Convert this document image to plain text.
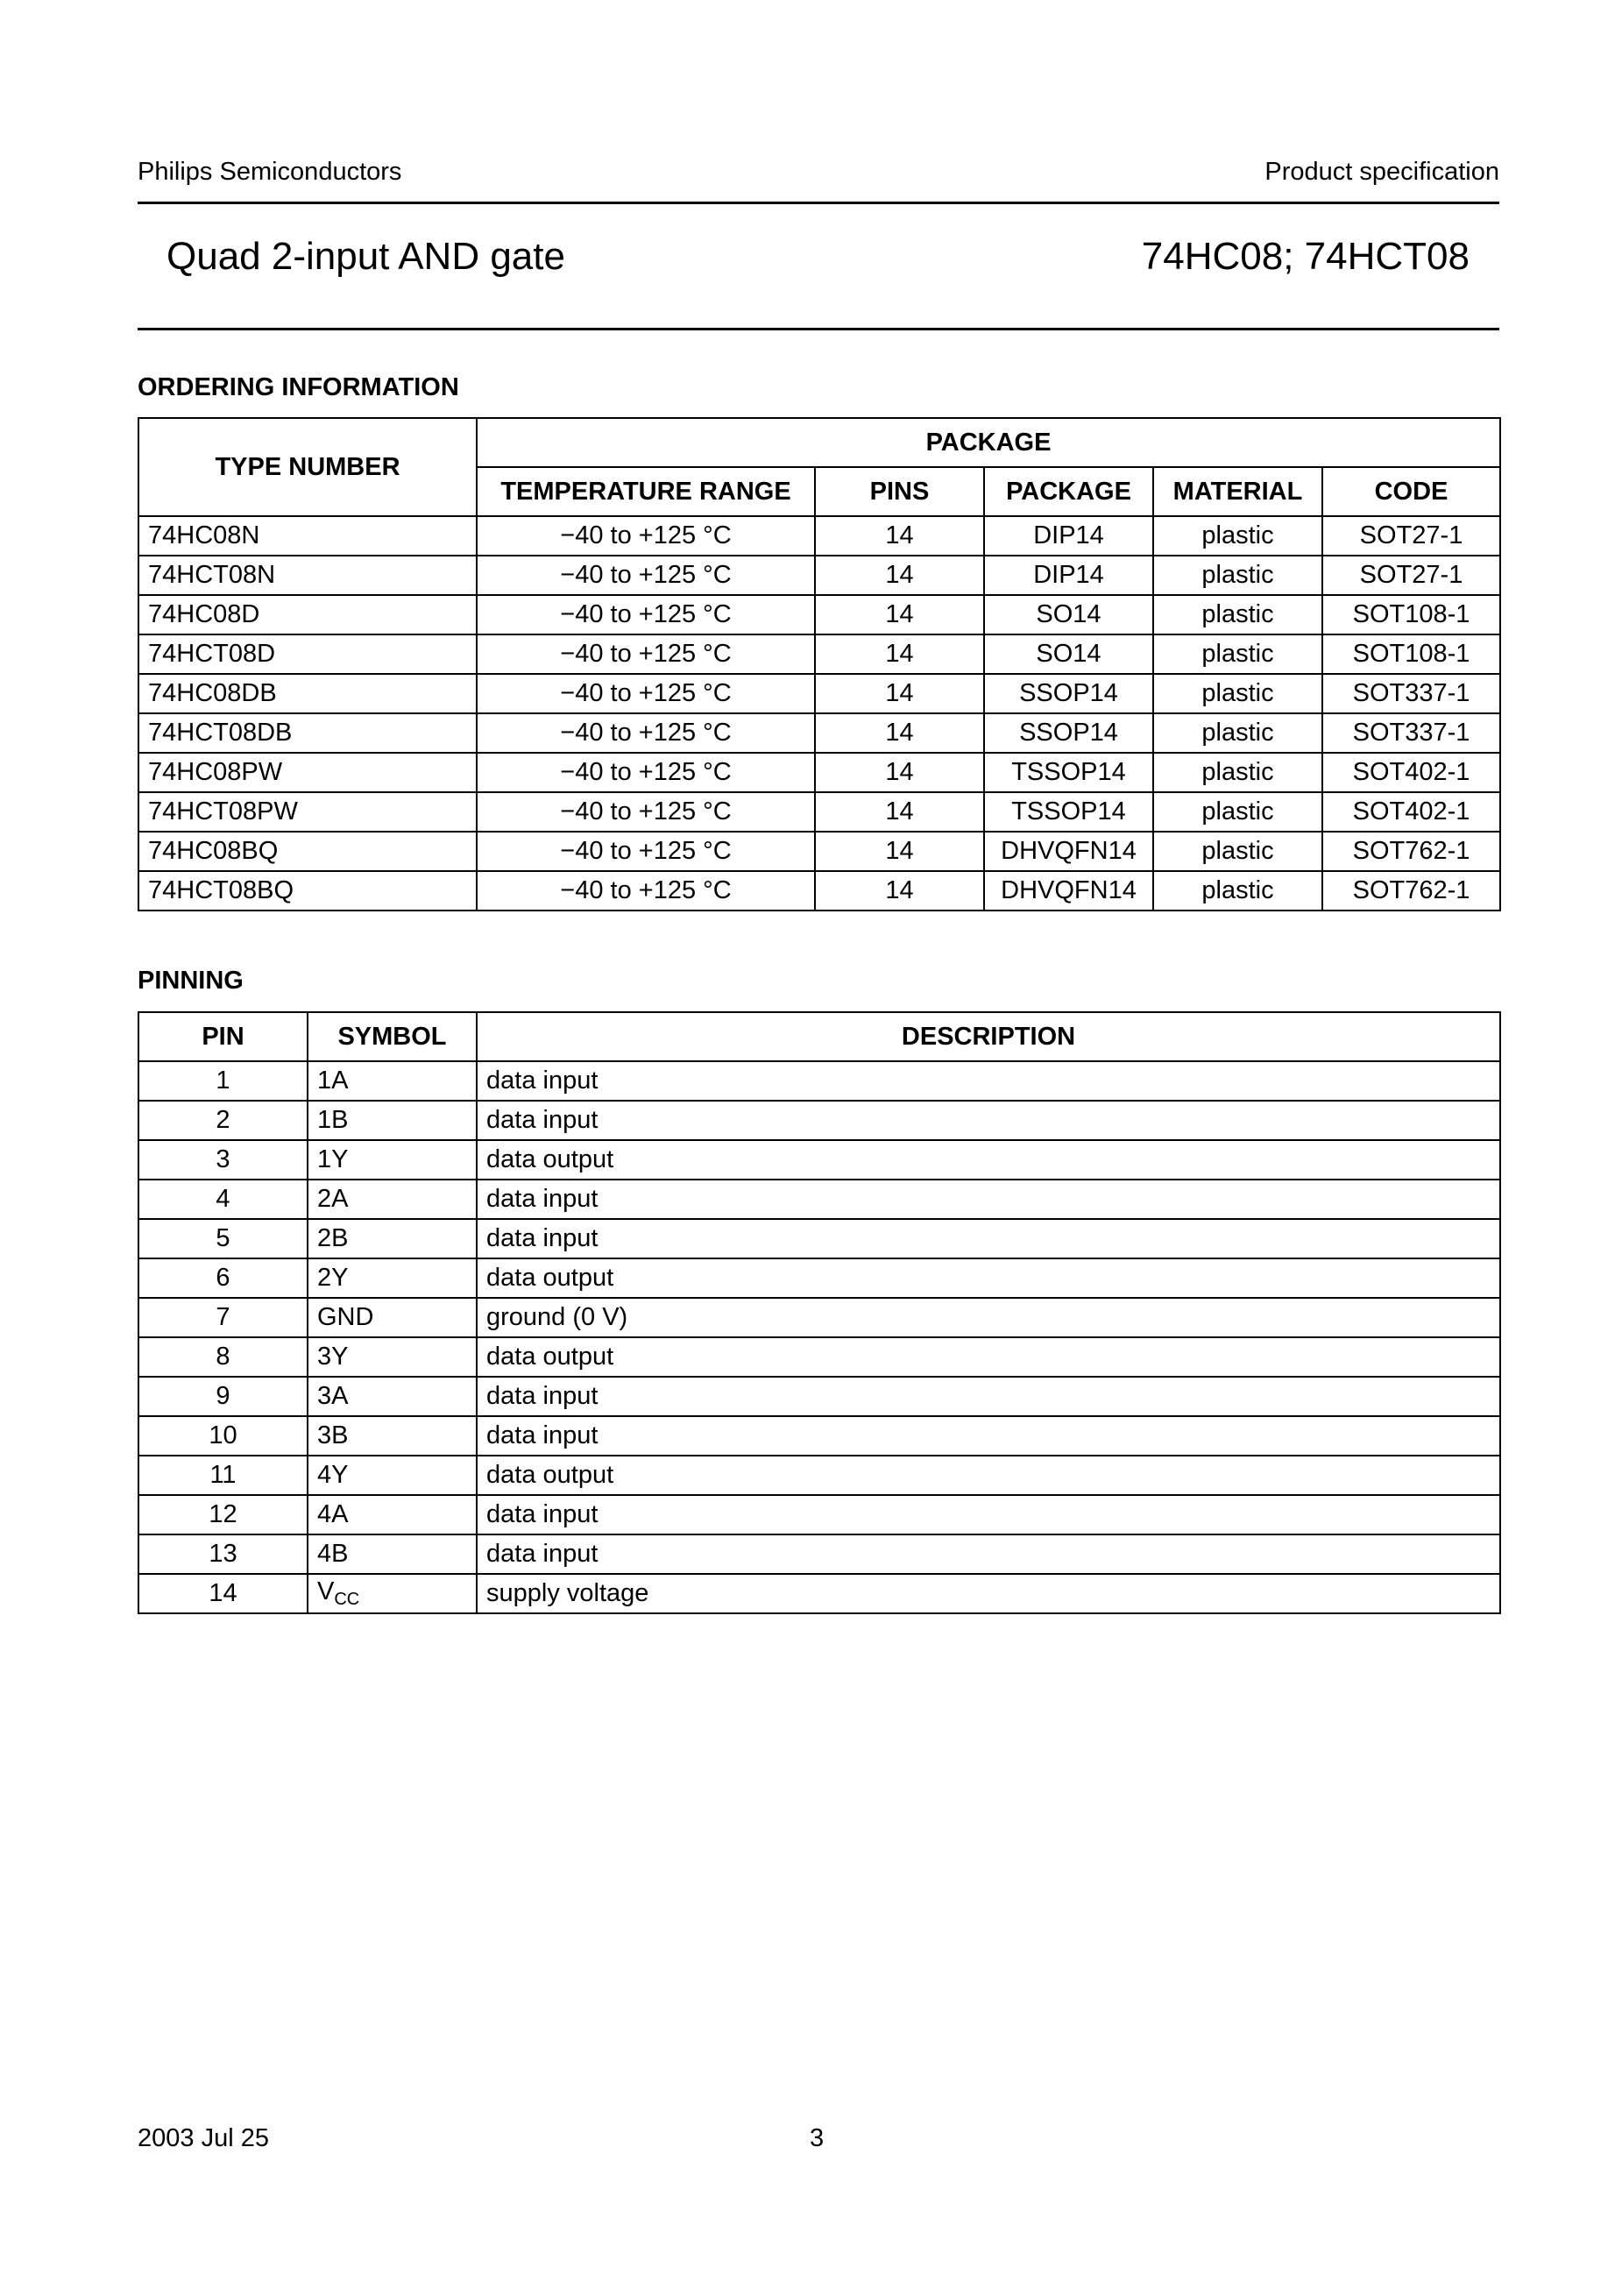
Philips Semiconductors	Product specification
Quad 2-input AND gate	74HC08; 74HCT08
ORDERING INFORMATION
TYPE NUMBER	PACKAGE				
	TEMPERATURE RANGE	PINS	PACKAGE	MATERIAL	CODE
74HC08N	−40 to +125 °C	14	DIP14	plastic	SOT27-1
74HCT08N	−40 to +125 °C	14	DIP14	plastic	SOT27-1
74HC08D	−40 to +125 °C	14	SO14	plastic	SOT108-1
74HCT08D	−40 to +125 °C	14	SO14	plastic	SOT108-1
74HC08DB	−40 to +125 °C	14	SSOP14	plastic	SOT337-1
74HCT08DB	−40 to +125 °C	14	SSOP14	plastic	SOT337-1
74HC08PW	−40 to +125 °C	14	TSSOP14	plastic	SOT402-1
74HCT08PW	−40 to +125 °C	14	TSSOP14	plastic	SOT402-1
74HC08BQ	−40 to +125 °C	14	DHVQFN14	plastic	SOT762-1
74HCT08BQ	−40 to +125 °C	14	DHVQFN14	plastic	SOT762-1
PINNING
PIN	SYMBOL	DESCRIPTION
1	1A	data input
2	1B	data input
3	1Y	data output
4	2A	data input
5	2B	data input
6	2Y	data output
7	GND	ground (0 V)
8	3Y	data output
9	3A	data input
10	3B	data input
11	4Y	data output
12	4A	data input
13	4B	data input
14	$V_{CC}$	supply voltage
2003 Jul 25	3
